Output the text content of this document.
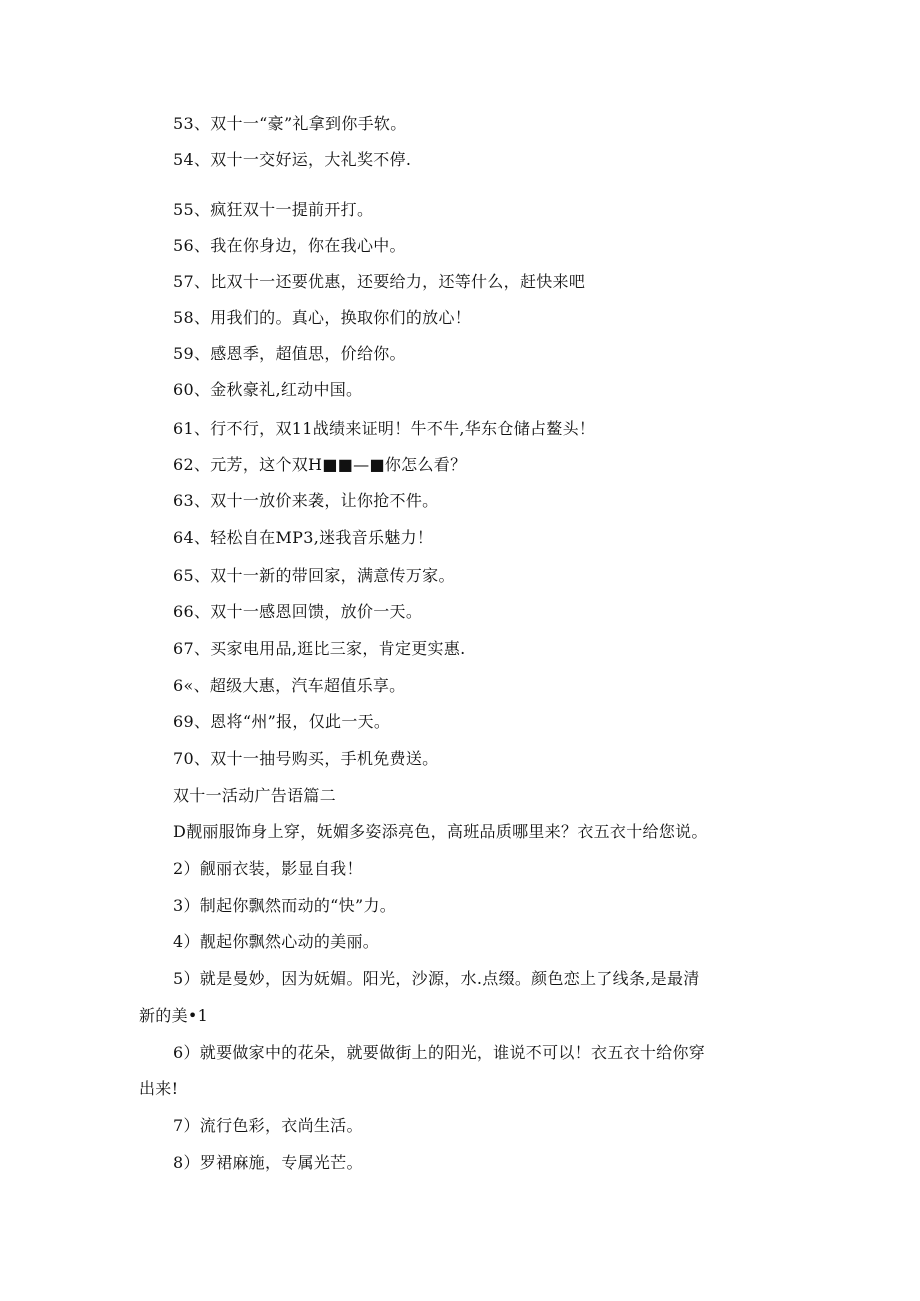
53、双十一“豪”礼拿到你手软。
54、双十一交好运，大礼奖不停.
55、疯狂双十一提前开打。
56、我在你身边，你在我心中。
57、比双十一还要优惠，还要给力，还等什么，赶快来吧
58、用我们的。真心，换取你们的放心！
59、感恩季，超值思，价给你。
60、金秋豪礼,红动中国。
61、行不行，双11战绩来证明！牛不牛,华东仓储占鳌头！
62、元芳，这个双H■■—■你怎么看？
63、双十一放价来袭，让你抢不件。
64、轻松自在MP3,迷我音乐魅力！
65、双十一新的带回家，满意传万家。
66、双十一感恩回馈，放价一天。
67、买家电用品,逛比三家，肯定更实惠.
6«、超级大惠，汽车超值乐享。
69、恩将“州”报，仅此一天。
70、双十一抽号购买，手机免费送。
双十一活动广告语篇二
D靓丽服饰身上穿，妩媚多姿添亮色，高班品质哪里来？衣五衣十给您说。
2）觎丽衣装，影显自我！
3）制起你飘然而动的“快”力。
4）靓起你飘然心动的美丽。
5）就是曼妙，因为妩媚。阳光，沙源，水.点缀。颜色恋上了线条,是最清
新的美•1
6）就要做家中的花朵，就要做街上的阳光，谁说不可以！衣五衣十给你穿
出来!
7）流行色彩，衣尚生活。
8）罗裙麻施，专属光芒。
